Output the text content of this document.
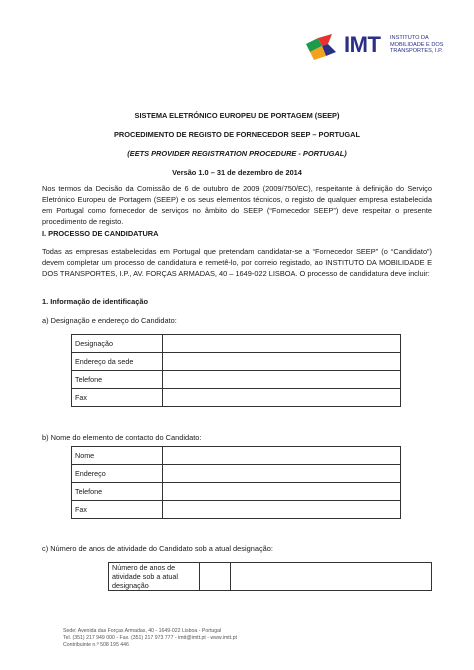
IMT INSTITUTO DA
MOBILIDADE E DOS
TRANSPORTES, I.P.
SISTEMA ELETRÓNICO EUROPEU DE PORTAGEM (SEEP)
PROCEDIMENTO DE REGISTO DE FORNECEDOR SEEP – PORTUGAL
(EETS PROVIDER REGISTRATION PROCEDURE - PORTUGAL)
Versão 1.0 – 31 de dezembro de 2014

Nos termos da Decisão da Comissão de 6 de outubro de 2009 (2009/750/EC), respeitante à definição do Serviço Eletrónico Europeu de Portagem (SEEP) e os seus elementos técnicos, o registo de qualquer empresa estabelecida em Portugal como fornecedor de serviços no âmbito do SEEP (“Fornecedor SEEP”) deve respeitar o presente procedimento de registo.

I. PROCESSO DE CANDIDATURA

Todas as empresas estabelecidas em Portugal que pretendam candidatar-se a “Fornecedor SEEP” (o “Candidato”) devem completar um processo de candidatura e remetê-lo, por correio registado, ao INSTITUTO DA MOBILIDADE E DOS TRANSPORTES, I.P., AV. FORÇAS ARMADAS, 40 – 1649-022 LISBOA. O processo de candidatura deve incluir:

1. Informação de identificação
a) Designação e endereço do Candidato:
Designação	
Endereço da sede	
Telefone	
Fax	
b) Nome do elemento de contacto do Candidato:
Nome	
Endereço	
Telefone	
Fax	
c) Número de anos de atividade do Candidato sob a atual designação:
Número de anos de atividade sob a atual designação		
Sede: Avenida das Forças Armadas, 40 - 1649-022 Lisboa - Portugal
Tel. (351) 217 949 000 - Fax. (351) 217 973 777 - imtt@imtt.pt - www.imtt.pt
Contribuinte n.º 508 195 446
